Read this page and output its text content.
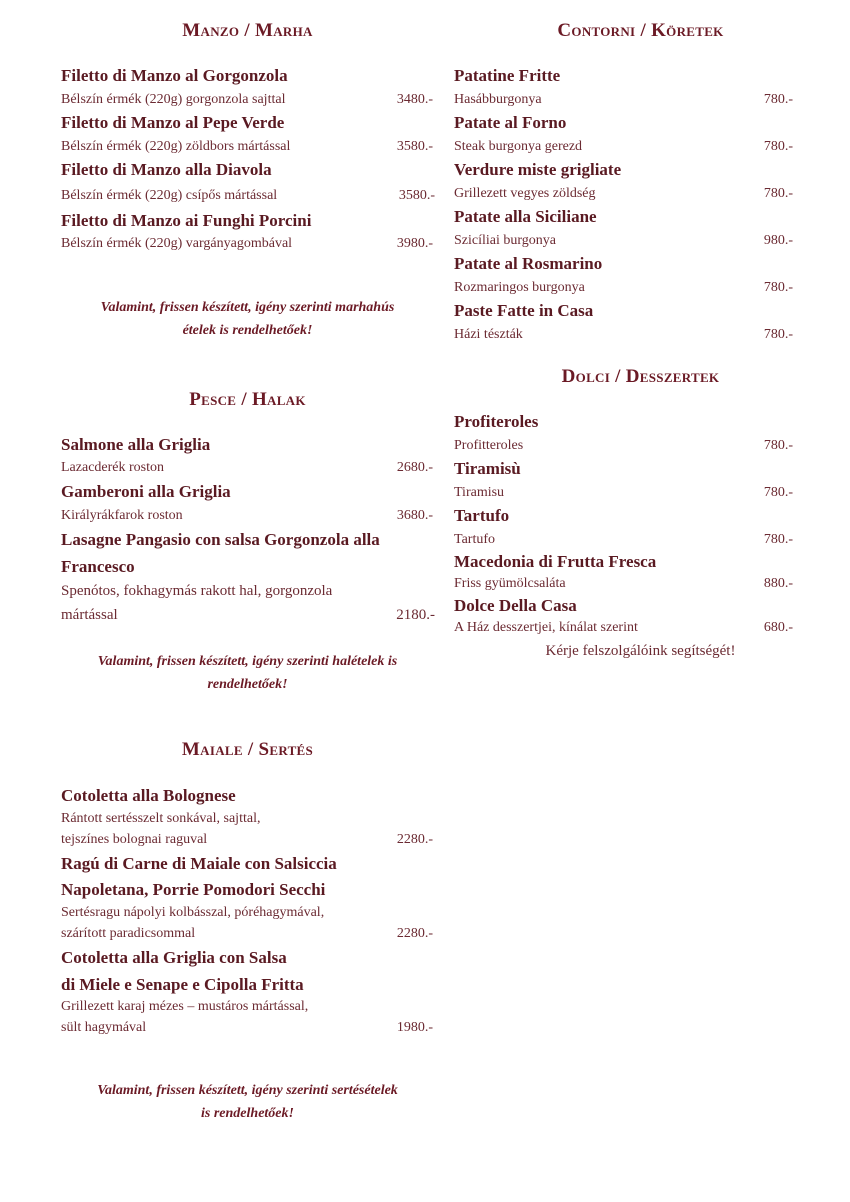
Manzo / Marha
Filetto di Manzo al Gorgonzola
Bélszín érmék (220g) gorgonzola sajttal	3480.-
Filetto di Manzo al Pepe Verde
Bélszín érmék (220g) zöldbors mártással	3580.-
Filetto di Manzo alla Diavola
Bélszín érmék (220g) csípős mártással	3580.-
Filetto di Manzo ai Funghi Porcini
Bélszín érmék (220g) vargányagombával	3980.-
Valamint, frissen készített, igény szerinti marhahús
ételek is rendelhetőek!
Pesce / Halak
Salmone alla Griglia
Lazacderék roston	2680.-
Gamberoni alla Griglia
Királyrákfarok roston	3680.-
Lasagne Pangasio con salsa Gorgonzola alla
Francesco
Spenótos, fokhagymás rakott hal, gorgonzola
mártással	2180.-
Valamint, frissen készített, igény szerinti halételek is
rendelhetőek!
Maiale / Sertés
Cotoletta alla Bolognese
Rántott sertésszelt sonkával, sajttal,
tejszínes bolognai raguval	2280.-
Ragú di Carne di Maiale con Salsiccia
Napoletana, Porrie Pomodori Secchi
Sertésragu nápolyi kolbásszal, póréhagymával,
szárított paradicsommal	2280.-
Cotoletta alla Griglia con Salsa
di Miele e Senape e Cipolla Fritta
Grillezett karaj mézes – mustáros mártással,
sült hagymával	1980.-
Valamint, frissen készített, igény szerinti sertésételek
is rendelhetőek!
Contorni / Köretek
Patatine Fritte
Hasábburgonya	780.-
Patate al Forno
Steak burgonya gerezd	780.-
Verdure miste grigliate
Grillezett vegyes zöldség	780.-
Patate alla Siciliane
Szicíliai burgonya	980.-
Patate al Rosmarino
Rozmaringos burgonya	780.-
Paste Fatte in Casa
Házi tészták	780.-
Dolci / Desszertek
Profiteroles
Profitteroles	780.-
Tiramisù
Tiramisu	780.-
Tartufo
Tartufo	780.-
Macedonia di Frutta Fresca
Friss gyümölcsaláta	880.-
Dolce Della Casa
A Ház desszertjei, kínálat szerint	680.-
Kérje felszolgálóink segítségét!
